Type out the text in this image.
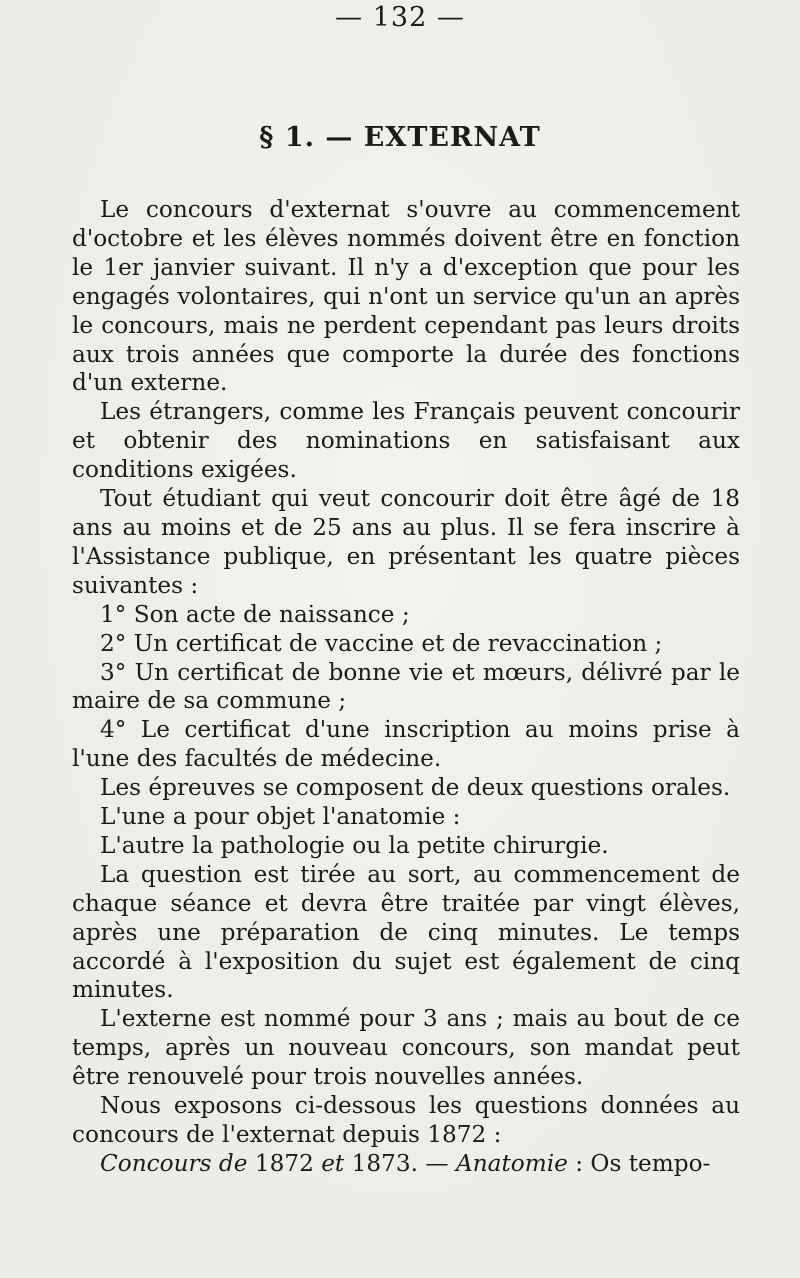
— 132 —
§ 1. — EXTERNAT

Le concours d'externat s'ouvre au commencement d'octobre et les élèves nommés doivent être en fonction le 1er janvier suivant. Il n'y a d'exception que pour les engagés volontaires, qui n'ont un service qu'un an après le concours, mais ne perdent cependant pas leurs droits aux trois années que comporte la durée des fonctions d'un externe.

Les étrangers, comme les Français peuvent concourir et obtenir des nominations en satisfaisant aux conditions exigées.

Tout étudiant qui veut concourir doit être âgé de 18 ans au moins et de 25 ans au plus. Il se fera inscrire à l'Assistance publique, en présentant les quatre pièces suivantes :

1° Son acte de naissance ;

2° Un certificat de vaccine et de revaccination ;

3° Un certificat de bonne vie et mœurs, délivré par le maire de sa commune ;

4° Le certificat d'une inscription au moins prise à l'une des facultés de médecine.

Les épreuves se composent de deux questions orales.

L'une a pour objet l'anatomie :

L'autre la pathologie ou la petite chirurgie.

La question est tirée au sort, au commencement de chaque séance et devra être traitée par vingt élèves, après une préparation de cinq minutes. Le temps accordé à l'exposition du sujet est également de cinq minutes.

L'externe est nommé pour 3 ans ; mais au bout de ce temps, après un nouveau concours, son mandat peut être renouvelé pour trois nouvelles années.

Nous exposons ci-dessous les questions données au concours de l'externat depuis 1872 :

Concours de 1872 et 1873. — Anatomie : Os tempo-
